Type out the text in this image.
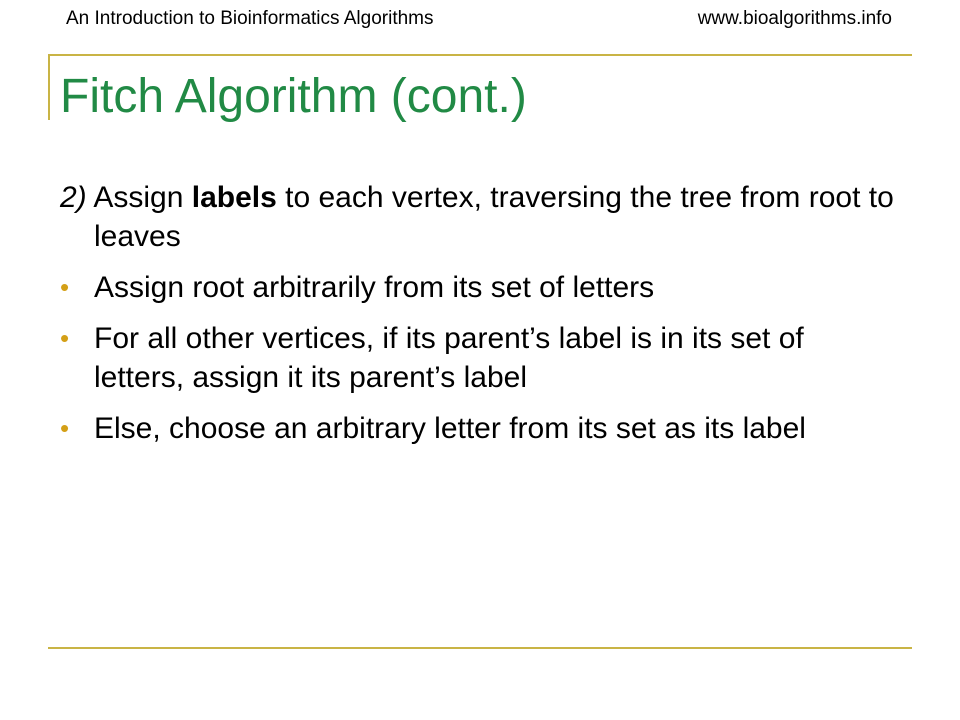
An Introduction to Bioinformatics Algorithms	www.bioalgorithms.info
Fitch Algorithm (cont.)

2) Assign labels to each vertex, traversing the tree from root to leaves

• Assign root arbitrarily from its set of letters
• For all other vertices, if its parent’s label is in its set of letters, assign it its parent’s label
• Else, choose an arbitrary letter from its set as its label
